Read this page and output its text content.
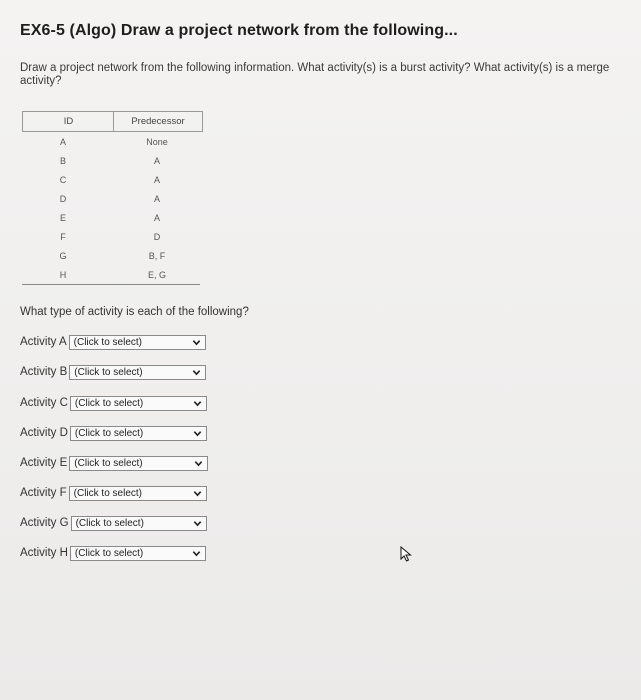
EX6-5 (Algo) Draw a project network from the following...
Draw a project network from the following information. What activity(s) is a burst activity? What activity(s) is a merge activity?
ID	Predecessor
A	None
B	A
C	A
D	A
E	A
F	D
G	B, F
H	E, G
What type of activity is each of the following?
Activity A (Click to select)
Activity B (Click to select)
Activity C (Click to select)
Activity D (Click to select)
Activity E (Click to select)
Activity F (Click to select)
Activity G (Click to select)
Activity H (Click to select)
